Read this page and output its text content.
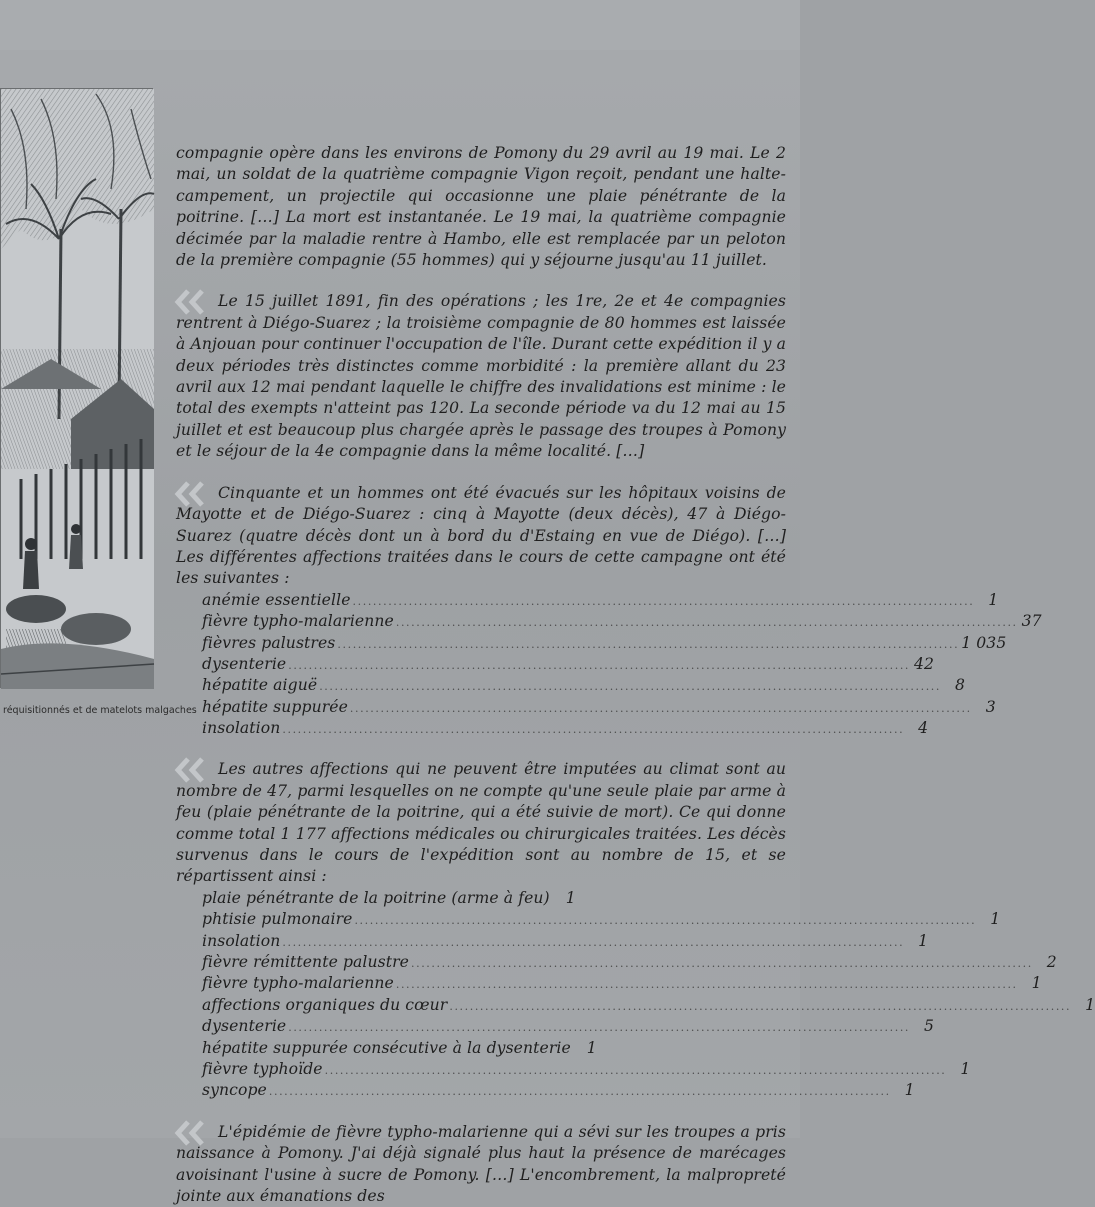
réquisitionnés et de matelots malgaches

compagnie opère dans les environs de Pomony du 29 avril au 19 mai. Le 2 mai, un soldat de la quatrième compagnie Vigon reçoit, pendant une halte-campement, un projectile qui occasionne une plaie pénétrante de la poitrine. […] La mort est instantanée. Le 19 mai, la quatrième compagnie décimée par la maladie rentre à Hambo, elle est remplacée par un peloton de la première compagnie (55 hommes) qui y séjourne jusqu'au 11 juillet.

Le 15 juillet 1891, fin des opérations ; les 1re, 2e et 4e compagnies rentrent à Diégo-Suarez ; la troisième compagnie de 80 hommes est laissée à Anjouan pour continuer l'occupation de l'île. Durant cette expédition il y a deux périodes très distinctes comme morbidité : la première allant du 23 avril aux 12 mai pendant laquelle le chiffre des invalidations est minime : le total des exempts n'atteint pas 120. La seconde période va du 12 mai au 15 juillet et est beaucoup plus chargée après le passage des troupes à Pomony et le séjour de la 4e compagnie dans la même localité. […]

Cinquante et un hommes ont été évacués sur les hôpitaux voisins de Mayotte et de Diégo-Suarez : cinq à Mayotte (deux décès), 47 à Diégo-Suarez (quatre décès dont un à bord du d'Estaing en vue de Diégo). […] Les différentes affections traitées dans le cours de cette campagne ont été les suivantes :

anémie essentielle .....	1
fièvre typho-malarienne .....	37
fièvres palustres .....	1 035
dysenterie .....	42
hépatite aiguë .....	8
hépatite suppurée .....	3
insolation .....	4

Les autres affections qui ne peuvent être imputées au climat sont au nombre de 47, parmi lesquelles on ne compte qu'une seule plaie par arme à feu (plaie pénétrante de la poitrine, qui a été suivie de mort). Ce qui donne comme total 1 177 affections médicales ou chirurgicales traitées. Les décès survenus dans le cours de l'expédition sont au nombre de 15, et se répartissent ainsi :

plaie pénétrante de la poitrine (arme à feu)	1
phtisie pulmonaire .....	1
insolation .....	1
fièvre rémittente palustre .....	2
fièvre typho-malarienne .....	1
affections organiques du cœur .....	1
dysenterie .....	5
hépatite suppurée consécutive à la dysenterie	1
fièvre typhoïde .....	1
syncope .....	1

L'épidémie de fièvre typho-malarienne qui a sévi sur les troupes a pris naissance à Pomony. J'ai déjà signalé plus haut la présence de marécages avoisinant l'usine à sucre de Pomony. […] L'encombrement, la malpropreté jointe aux émanations des
